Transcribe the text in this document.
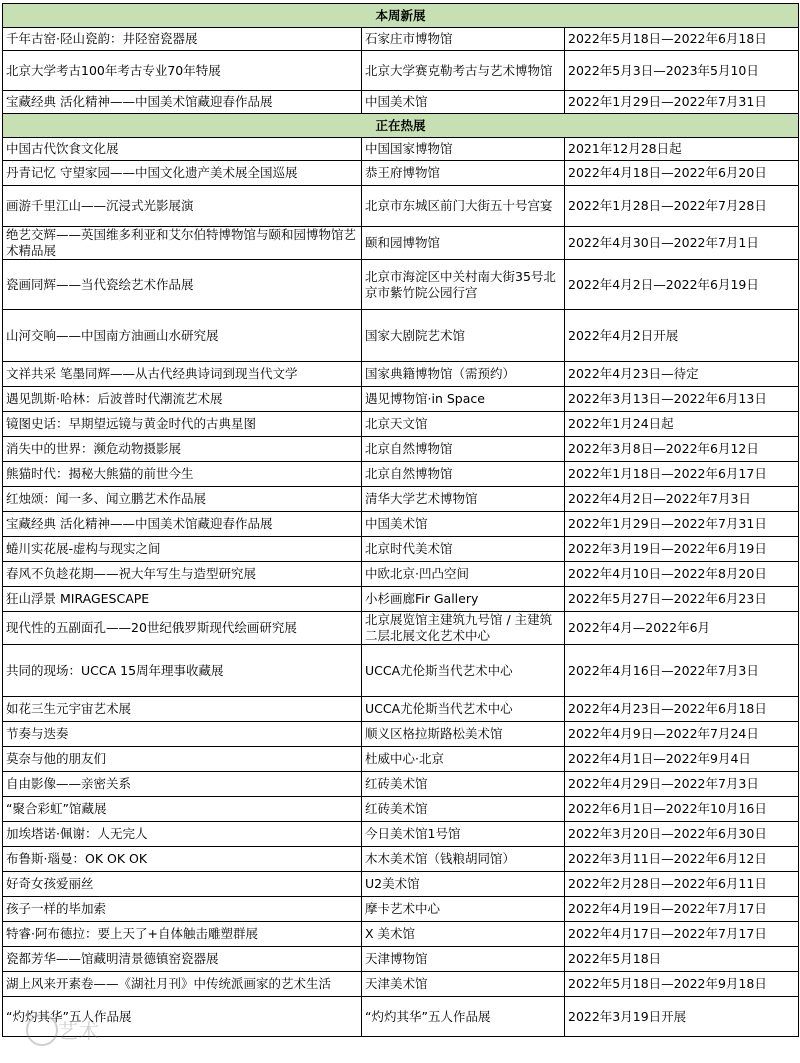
本周新展		
千年古窑·陉山瓷韵：井陉窑瓷器展	石家庄市博物馆	2022年5月18日—2022年6月18日
北京大学考古100年考古专业70年特展	北京大学赛克勒考古与艺术博物馆	2022年5月3日—2023年5月10日
宝藏经典 活化精神——中国美术馆藏迎春作品展	中国美术馆	2022年1月29日—2022年7月31日
正在热展		
中国古代饮食文化展	中国国家博物馆	2021年12月28日起
丹青记忆 守望家园——中国文化遗产美术展全国巡展	恭王府博物馆	2022年4月18日—2022年6月20日
画游千里江山——沉浸式光影展演	北京市东城区前门大街五十号宫宴	2022年1月28日—2022年7月28日
绝艺交辉——英国维多利亚和艾尔伯特博物馆与颐和园博物馆艺术精品展	颐和园博物馆	2022年4月30日—2022年7月1日
瓷画同辉——当代瓷绘艺术作品展	北京市海淀区中关村南大街35号北京市紫竹院公园行宫	2022年4月2日—2022年6月19日
山河交响——中国南方油画山水研究展	国家大剧院艺术馆	2022年4月2日开展
文祥共采 笔墨同辉——从古代经典诗词到现当代文学	国家典籍博物馆（需预约）	2022年4月23日—待定
遇见凯斯·哈林：后波普时代潮流艺术展	遇见博物馆·in Space	2022年3月13日—2022年6月13日
镜图史话：早期望远镜与黄金时代的古典星图	北京天文馆	2022年1月24日起
消失中的世界：濒危动物摄影展	北京自然博物馆	2022年3月8日—2022年6月12日
熊猫时代：揭秘大熊猫的前世今生	北京自然博物馆	2022年1月18日—2022年6月17日
红烛颂：闻一多、闻立鹏艺术作品展	清华大学艺术博物馆	2022年4月2日—2022年7月3日
宝藏经典 活化精神——中国美术馆藏迎春作品展	中国美术馆	2022年1月29日—2022年7月31日
蜷川实花展-虚构与现实之间	北京时代美术馆	2022年3月19日—2022年6月19日
春风不负趁花期——祝大年写生与造型研究展	中欧北京·凹凸空间	2022年4月10日—2022年8月20日
狂山浮景 MIRAGESCAPE	小杉画廊Fir Gallery	2022年5月27日—2022年6月23日
现代性的五副面孔——20世纪俄罗斯现代绘画研究展	北京展览馆主建筑九号馆 / 主建筑二层北展文化艺术中心	2022年4月—2022年6月
共同的现场：UCCA 15周年理事收藏展	UCCA尤伦斯当代艺术中心	2022年4月16日—2022年7月3日
如花三生元宇宙艺术展	UCCA尤伦斯当代艺术中心	2022年4月23日—2022年6月18日
节奏与迭奏	顺义区格拉斯路松美术馆	2022年4月9日—2022年7月24日
莫奈与他的朋友们	杜威中心·北京	2022年4月1日—2022年9月4日
自由影像——亲密关系	红砖美术馆	2022年4月29日—2022年7月3日
“聚合彩虹”馆藏展	红砖美术馆	2022年6月1日—2022年10月16日
加埃塔诺·佩谢：人无完人	今日美术馆1号馆	2022年3月20日—2022年6月30日
布鲁斯·瑙曼：OK OK OK	木木美术馆（钱粮胡同馆）	2022年3月11日—2022年6月12日
好奇女孩爱丽丝	U2美术馆	2022年2月28日—2022年6月11日
孩子一样的毕加索	摩卡艺术中心	2022年4月19日—2022年7月17日
特睿·阿布德拉：要上天了+自体触击雕塑群展	X 美术馆	2022年4月17日—2022年7月17日
瓷都芳华——馆藏明清景德镇窑瓷器展	天津博物馆	2022年5月18日
湖上风来开素卷——《湖社月刊》中传统派画家的艺术生活	天津美术馆	2022年5月18日—2022年9月18日
“灼灼其华”五人作品展	“灼灼其华”五人作品展	2022年3月19日开展
艺术
